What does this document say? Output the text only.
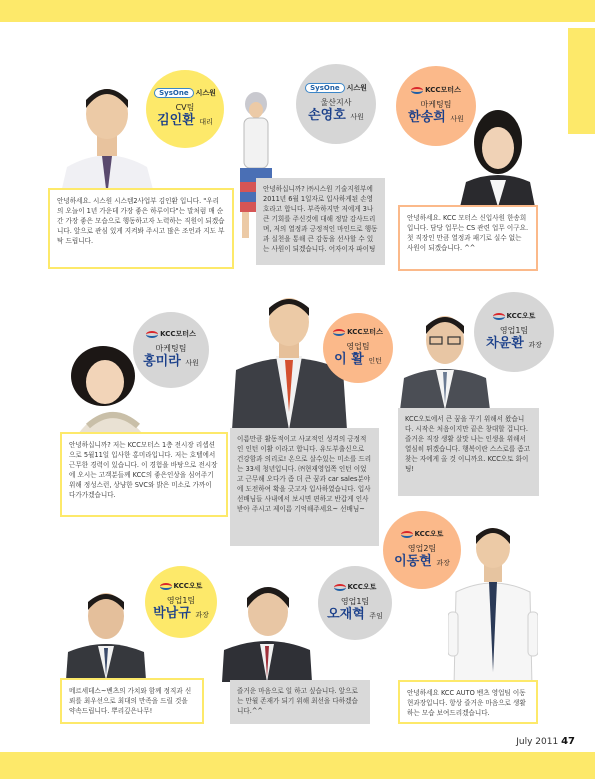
SysOne	시스원
CV팀
김인환 대리
안녕하세요. 시스원 시스템2사업부 김인환 입니다. "우리의 오늘이 1년 가운데 가장 좋은 하루이다"는 말처럼 매 순간 가장 좋은 모습으로 행동하고자 노력하는 직원이 되겠습니다. 앞으로 관심 있게 지켜봐 주시고 많은 조언과 지도 부탁 드립니다.
SysOne	시스원
울산지사
손영호 사원
안녕하십니까? ㈜시스원 기술지원부에 2011년 6월 1일자로 입사하게된 손영호라고 합니다. 부족하지만 저에게 3나큰 기회를 주신것에 대해 정말 감사드리며, 저의 열정과 긍정적인 마인드로 행동과 실천을 통해 큰 감동을 선사할 수 있는 사원이 되겠습니다. 어자이자 파이팅
KCC모터스
마케팅팀
한송희 사원
안녕하세요. KCC 모터스 신입사원 한송희 입니다. 담당 업무는 CS 관련 업무 이구요. 첫 직장인 만큼 열정과 패기로 실수 없는 사원이 되겠습니다. ^^
KCC모터스
마케팅팀
홍미라 사원
안녕하십니까? 저는 KCC모터스 1층 전시장 리셉션으로 5월11일 입사한 홍미라입니다. 저는 호텔에서 근무한 경력이 있습니다. 이 경험을 바탕으로 전시장에 오시는 고객분들께 KCC의 좋은인상을 심어주기 위해 정성스런, 상냥한 SVC와 밝은 미소로 가까이 다가가겠습니다.
KCC모터스
영업팀
이 활 인턴
이름만큼 활동적이고 사교적인 성격의 긍정적인 인턴 이활 이라고 합니다. 유도부출신으로 건강함과 의리로! 온으로 살수있는 미소를 드리는 33세 청년입니다. ㈜현재영업쪽 인턴 이었고 근무해 오다가 좀 더 큰 꿈과 car sales분야에 도전하여 확을 긋고자 입사하였습니다. 입사선배님들 사내에서 보시면 편하고 반갑게 인사받아 주시고 제이름 기억해주세요~ 선배님~
KCC오토
영업1팀
차윤환 과장
KCC오토에서 큰 꿈을 꾸기 위해서 왔습니다. 시작은 처음이지만 끝은 창대할 겁니다. 즐거운 직장 생활 살맛 나는 인생을 위해서 열심히 뛰겠습니다. 행복이란 스스로를 좀고 찾는 자에게 올 것 이니까요. KCC오토 화이팅!
KCC오토
영업2팀
이동현 과장
안녕하세요 KCC AUTO 벤츠 영업팀 이동현과장입니다. 항상 즐거운 마음으로 생활하는 모습 보여드리겠습니다.
KCC오토
영업1팀
박남규 과장
메르세데스~벤츠의 가치와 함께 정직과 신뢰를 최우선으로 최대의 만족을 드릴 것을 약속드립니다. 뿌리깊은나무!
KCC오토
영업1팀
오재혁 주임
즐거운 마음으로 일 하고 싶습니다. 앞으로는 만월 존재가 되기 위해 최선을 다하겠습니다.^^
July 2011 47
